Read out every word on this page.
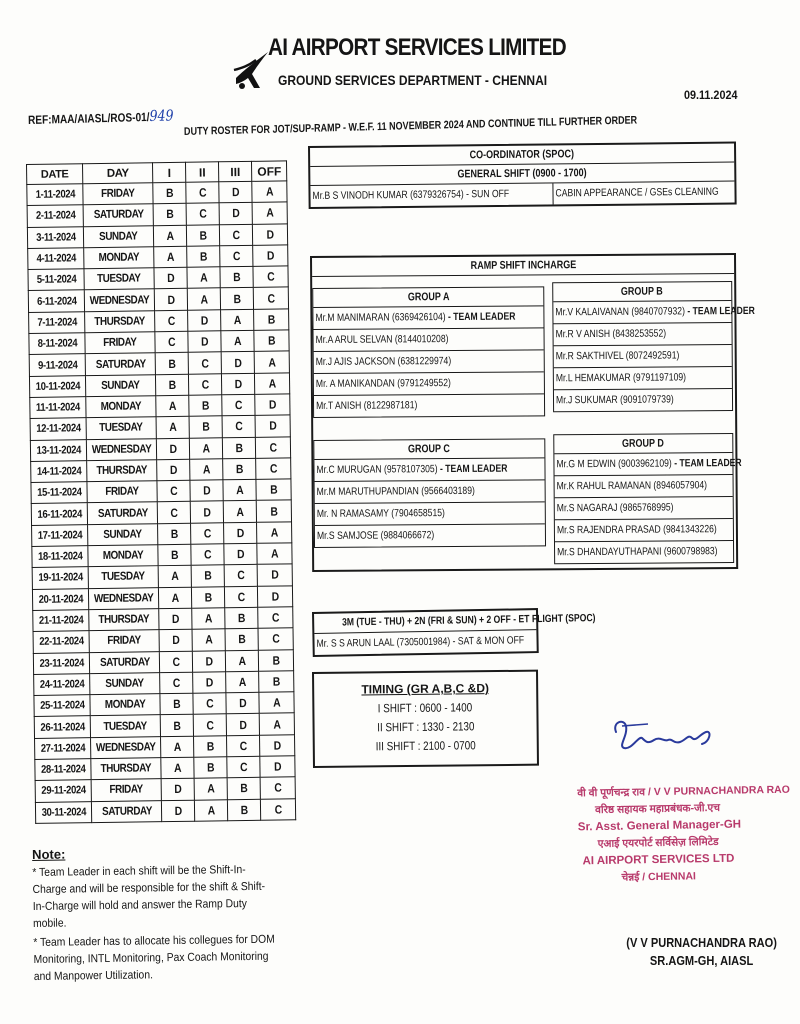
AI AIRPORT SERVICES LIMITED
GROUND SERVICES DEPARTMENT - CHENNAI
09.11.2024
REF:MAA/AIASL/ROS-01/949 DUTY ROSTER FOR JOT/SUP-RAMP - W.E.F. 11 NOVEMBER 2024 AND CONTINUE TILL FURTHER ORDER
DATE	DAY	I	II	III	OFF
1-11-2024	FRIDAY	B	C	D	A
2-11-2024	SATURDAY	B	C	D	A
3-11-2024	SUNDAY	A	B	C	D
4-11-2024	MONDAY	A	B	C	D
5-11-2024	TUESDAY	D	A	B	C
6-11-2024	WEDNESDAY	D	A	B	C
7-11-2024	THURSDAY	C	D	A	B
8-11-2024	FRIDAY	C	D	A	B
9-11-2024	SATURDAY	B	C	D	A
10-11-2024	SUNDAY	B	C	D	A
11-11-2024	MONDAY	A	B	C	D
12-11-2024	TUESDAY	A	B	C	D
13-11-2024	WEDNESDAY	D	A	B	C
14-11-2024	THURSDAY	D	A	B	C
15-11-2024	FRIDAY	C	D	A	B
16-11-2024	SATURDAY	C	D	A	B
17-11-2024	SUNDAY	B	C	D	A
18-11-2024	MONDAY	B	C	D	A
19-11-2024	TUESDAY	A	B	C	D
20-11-2024	WEDNESDAY	A	B	C	D
21-11-2024	THURSDAY	D	A	B	C
22-11-2024	FRIDAY	D	A	B	C
23-11-2024	SATURDAY	C	D	A	B
24-11-2024	SUNDAY	C	D	A	B
25-11-2024	MONDAY	B	C	D	A
26-11-2024	TUESDAY	B	C	D	A
27-11-2024	WEDNESDAY	A	B	C	D
28-11-2024	THURSDAY	A	B	C	D
29-11-2024	FRIDAY	D	A	B	C
30-11-2024	SATURDAY	D	A	B	C
CO-ORDINATOR (SPOC)
GENERAL SHIFT (0900 - 1700)
Mr.B S VINODH KUMAR (6379326754) - SUN OFF	CABIN APPEARANCE / GSEs CLEANING
RAMP SHIFT INCHARGE
GROUP A
Mr.M MANIMARAN (6369426104) - TEAM LEADER
Mr.A ARUL SELVAN (8144010208)
Mr.J AJIS JACKSON (6381229974)
Mr. A MANIKANDAN (9791249552)
Mr.T ANISH (8122987181)
GROUP B
Mr.V KALAIVANAN (9840707932) - TEAM LEADER
Mr.R V ANISH (8438253552)
Mr.R SAKTHIVEL (8072492591)
Mr.L HEMAKUMAR (9791197109)
Mr.J SUKUMAR (9091079739)
GROUP C
Mr.C MURUGAN (9578107305) - TEAM LEADER
Mr.M MARUTHUPANDIAN (9566403189)
Mr. N RAMASAMY (7904658515)
Mr.S SAMJOSE (9884066672)
GROUP D
Mr.G M EDWIN (9003962109) - TEAM LEADER
Mr.K RAHUL RAMANAN (8946057904)
Mr.S NAGARAJ (9865768995)
Mr.S RAJENDRA PRASAD (9841343226)
Mr.S DHANDAYUTHAPANI (9600798983)
3M (TUE - THU) + 2N (FRI & SUN) + 2 OFF - ET FLIGHT (SPOC)
Mr. S S ARUN LAAL (7305001984) - SAT & MON OFF
TIMING (GR A,B,C &D)
I SHIFT : 0600 - 1400
II SHIFT : 1330 - 2130
III SHIFT : 2100 - 0700
Note:

* Team Leader in each shift will be the Shift-In-Charge and will be responsible for the shift & Shift-In-Charge will hold and answer the Ramp Duty mobile.

* Team Leader has to allocate his collegues for DOM Monitoring, INTL Monitoring, Pax Coach Monitoring and Manpower Utilization.

वी वी पूर्णचन्द्र राव / V V PURNACHANDRA RAO
वरिष्ठ सहायक महाप्रबंधक-जी.एच
Sr. Asst. General Manager-GH
एआई एयरपोर्ट सर्विसेज़ लिमिटेड
AI AIRPORT SERVICES LTD
चेन्नई / CHENNAI
(V V PURNACHANDRA RAO)
SR.AGM-GH, AIASL
